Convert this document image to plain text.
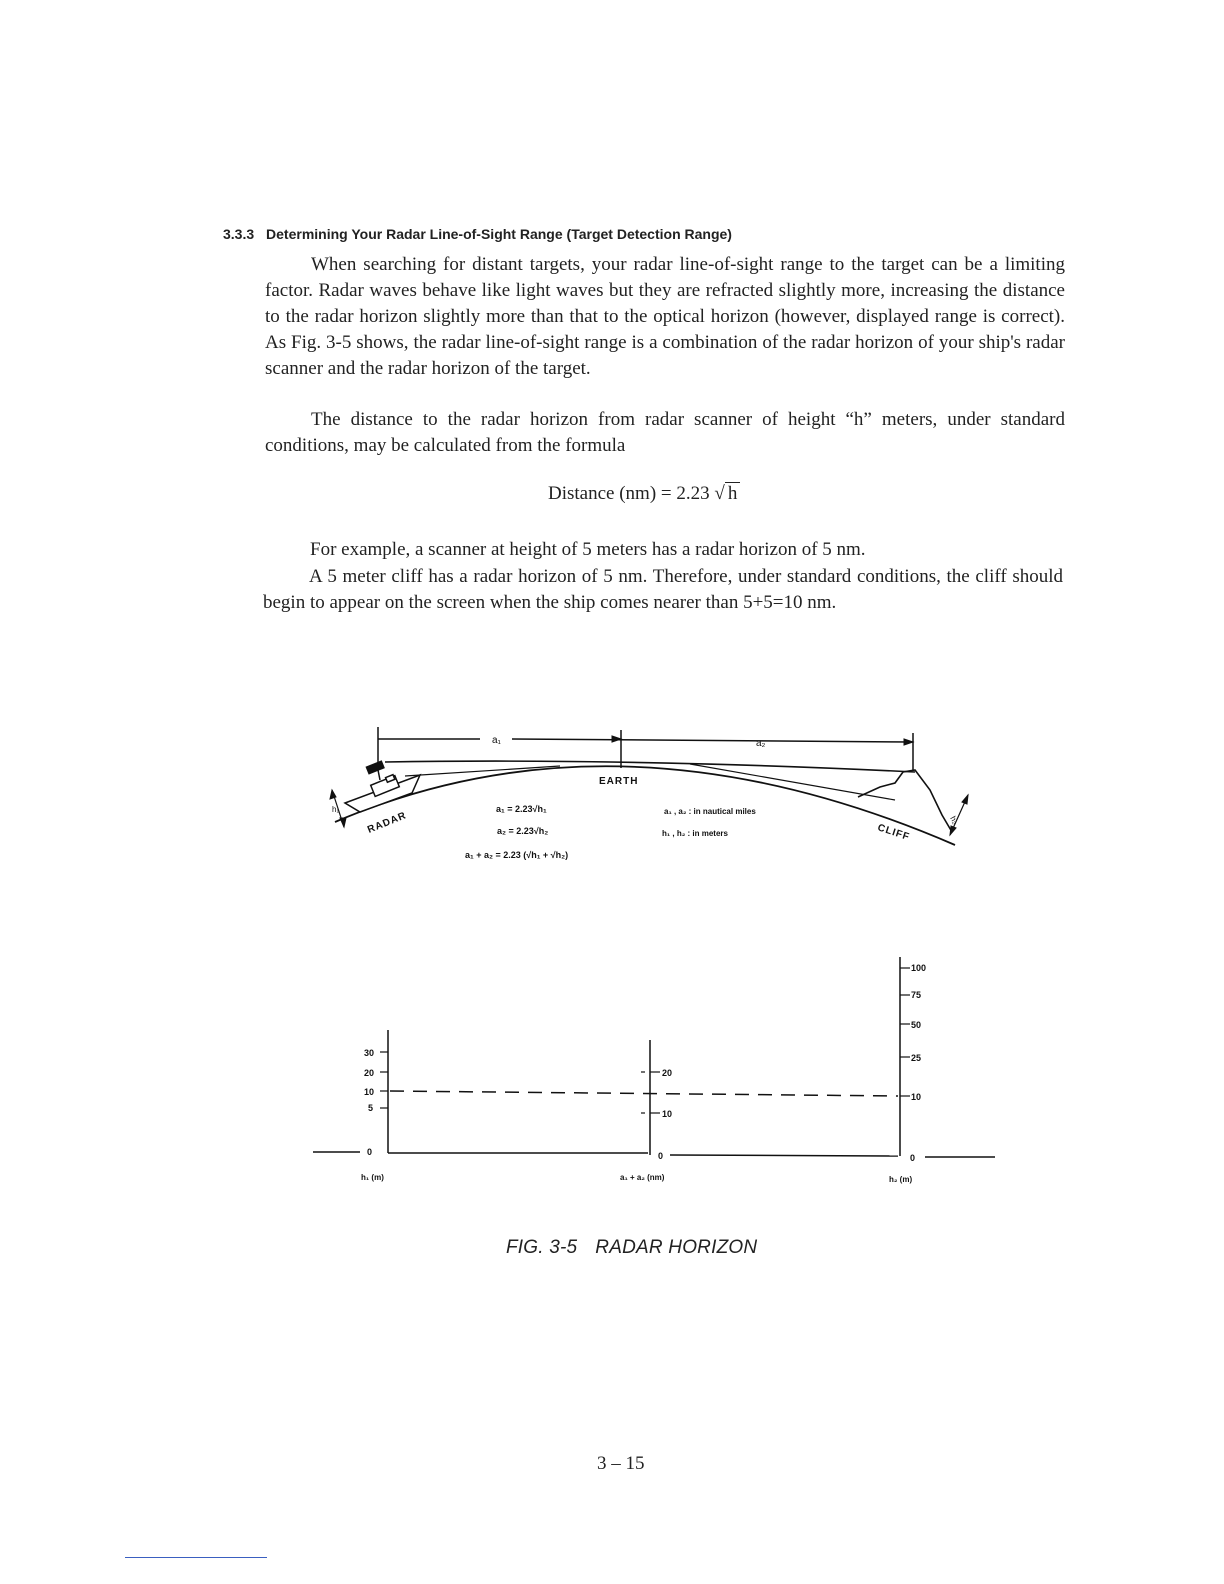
3.3.3 Determining Your Radar Line-of-Sight Range (Target Detection Range)
When searching for distant targets, your radar line-of-sight range to the target can be a limiting factor. Radar waves behave like light waves but they are refracted slightly more, increasing the distance to the radar horizon slightly more than that to the optical horizon (however, displayed range is correct). As Fig. 3-5 shows, the radar line-of-sight range is a combination of the radar horizon of your ship's radar scanner and the radar horizon of the target.
The distance to the radar horizon from radar scanner of height “h” meters, under standard conditions, may be calculated from the formula
Distance (nm) = 2.23 √ h
For example, a scanner at height of 5 meters has a radar horizon of 5 nm.
A 5 meter cliff has a radar horizon of 5 nm. Therefore, under standard conditions, the cliff should begin to appear on the screen when the ship comes nearer than 5+5=10 nm.
a₁	a₂
EARTH
RADAR	CLIFF
h₁
h₂
a₁ = 2.23√h₁
a₂ = 2.23√h₂
a₁ + a₂ = 2.23 (√h₁ + √h₂)
a₁ , a₂ : in nautical miles
h₁ , h₂ : in meters
30
20
10
5
0
20
10
0
100
75
50
25
10
0
h₁ (m)	a₁ + a₂ (nm)	h₂ (m)
FIG. 3-5 RADAR HORIZON
3 – 15
